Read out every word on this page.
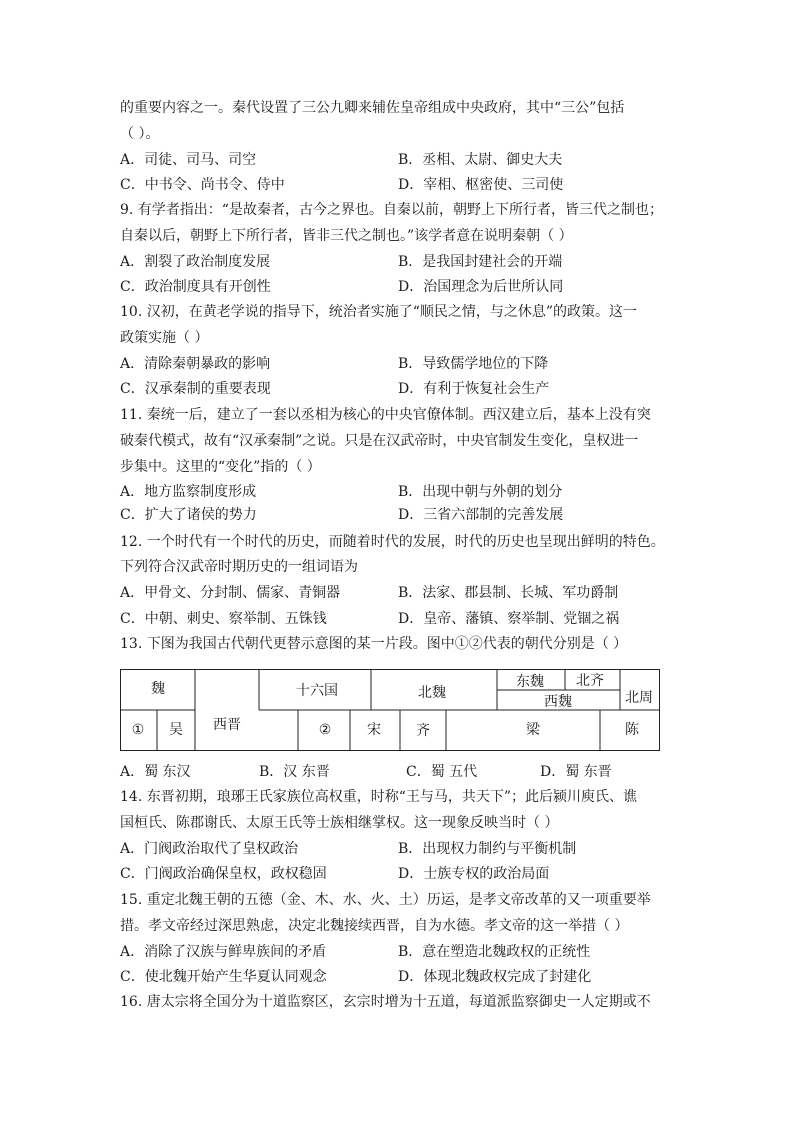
的重要内容之一。秦代设置了三公九卿来辅佐皇帝组成中央政府，其中“三公”包括
（ ）。
A．司徒、司马、司空	B．丞相、太尉、御史大夫
C．中书令、尚书令、侍中	D．宰相、枢密使、三司使
9. 有学者指出：“是故秦者，古今之界也。自秦以前，朝野上下所行者，皆三代之制也；
自秦以后，朝野上下所行者，皆非三代之制也。”该学者意在说明秦朝（ ）
A．割裂了政治制度发展	B．是我国封建社会的开端
C．政治制度具有开创性	D．治国理念为后世所认同
10. 汉初，在黄老学说的指导下，统治者实施了“顺民之情，与之休息”的政策。这一
政策实施（ ）
A．清除秦朝暴政的影响	B．导致儒学地位的下降
C．汉承秦制的重要表现	D．有利于恢复社会生产
11. 秦统一后，建立了一套以丞相为核心的中央官僚体制。西汉建立后，基本上没有突
破秦代模式，故有“汉承秦制”之说。只是在汉武帝时，中央官制发生变化，皇权进一
步集中。这里的“变化”指的（ ）
A．地方监察制度形成	B．出现中朝与外朝的划分
C．扩大了诸侯的势力	D．三省六部制的完善发展
12. 一个时代有一个时代的历史，而随着时代的发展，时代的历史也呈现出鲜明的特色。
下列符合汉武帝时期历史的一组词语为
A．甲骨文、分封制、儒家、青铜器	B．法家、郡县制、长城、军功爵制
C．中朝、刺史、察举制、五铢钱	D．皇帝、藩镇、察举制、党锢之祸
13. 下图为我国古代朝代更替示意图的某一片段。图中①②代表的朝代分别是（ ）
魏
① 吴 西晋
十六国	北魏
东魏 北齐
西魏	北周
②	宋	齐	梁	陈
A．蜀 东汉	B．汉 东晋	C．蜀 五代	D．蜀 东晋
14. 东晋初期，琅琊王氏家族位高权重，时称“王与马，共天下”；此后颍川庾氏、谯
国桓氏、陈郡谢氏、太原王氏等士族相继掌权。这一现象反映当时（ ）
A．门阀政治取代了皇权政治	B．出现权力制约与平衡机制
C．门阀政治确保皇权，政权稳固	D．士族专权的政治局面
15. 重定北魏王朝的五德（金、木、水、火、土）历运，是孝文帝改革的又一项重要举
措。孝文帝经过深思熟虑，决定北魏接续西晋，自为水德。孝文帝的这一举措（ ）
A．消除了汉族与鲜卑族间的矛盾	B．意在塑造北魏政权的正统性
C．使北魏开始产生华夏认同观念	D．体现北魏政权完成了封建化
16. 唐太宗将全国分为十道监察区，玄宗时增为十五道，每道派监察御史一人定期或不
